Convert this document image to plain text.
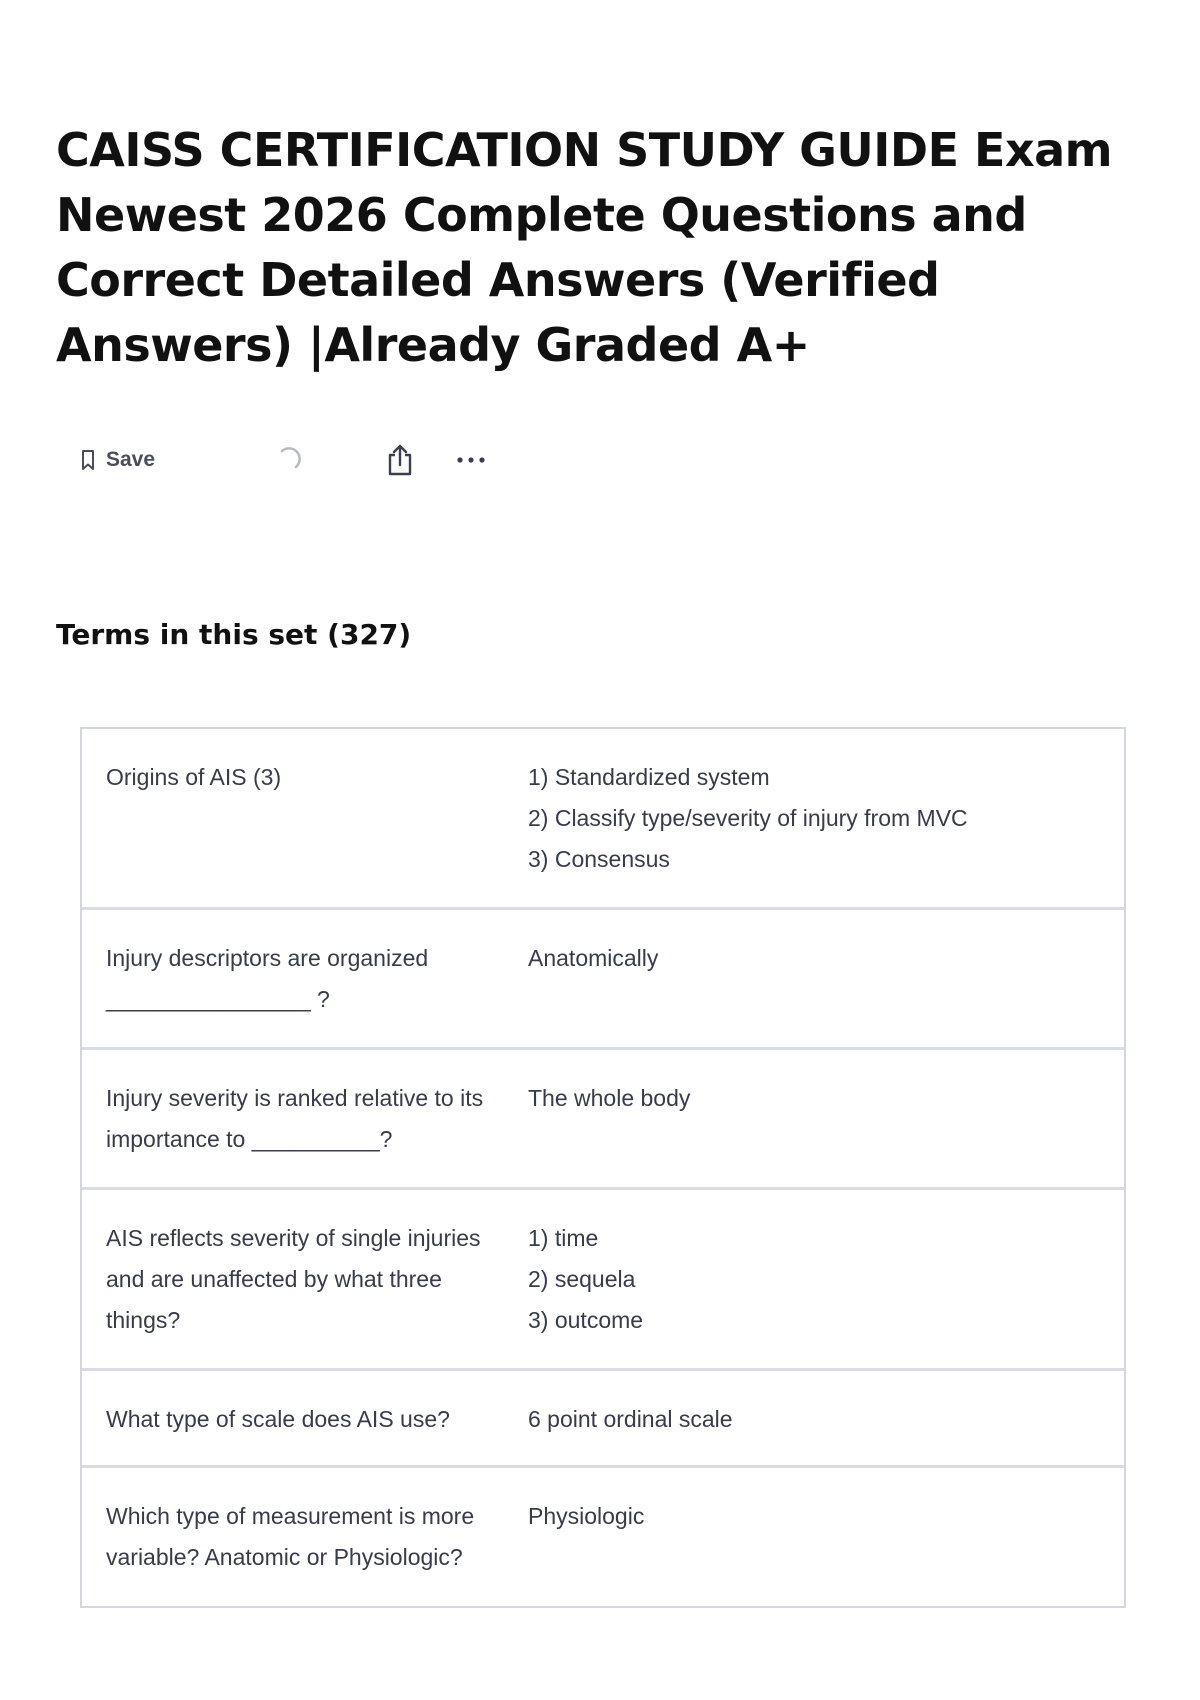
CAISS CERTIFICATION STUDY GUIDE Exam Newest 2026 Complete Questions and Correct Detailed Answers (Verified Answers) |Already Graded A+
Save
Terms in this set (327)
Origins of AIS (3)	1) Standardized system
2) Classify type/severity of injury from MVC
3) Consensus
Injury descriptors are organized ________________ ?
Anatomically
Injury severity is ranked relative to its importance to __________?
The whole body
AIS reflects severity of single injuries and are unaffected by what three things?
1) time
2) sequela
3) outcome
What type of scale does AIS use?	6 point ordinal scale
Which type of measurement is more variable? Anatomic or Physiologic?
Physiologic
